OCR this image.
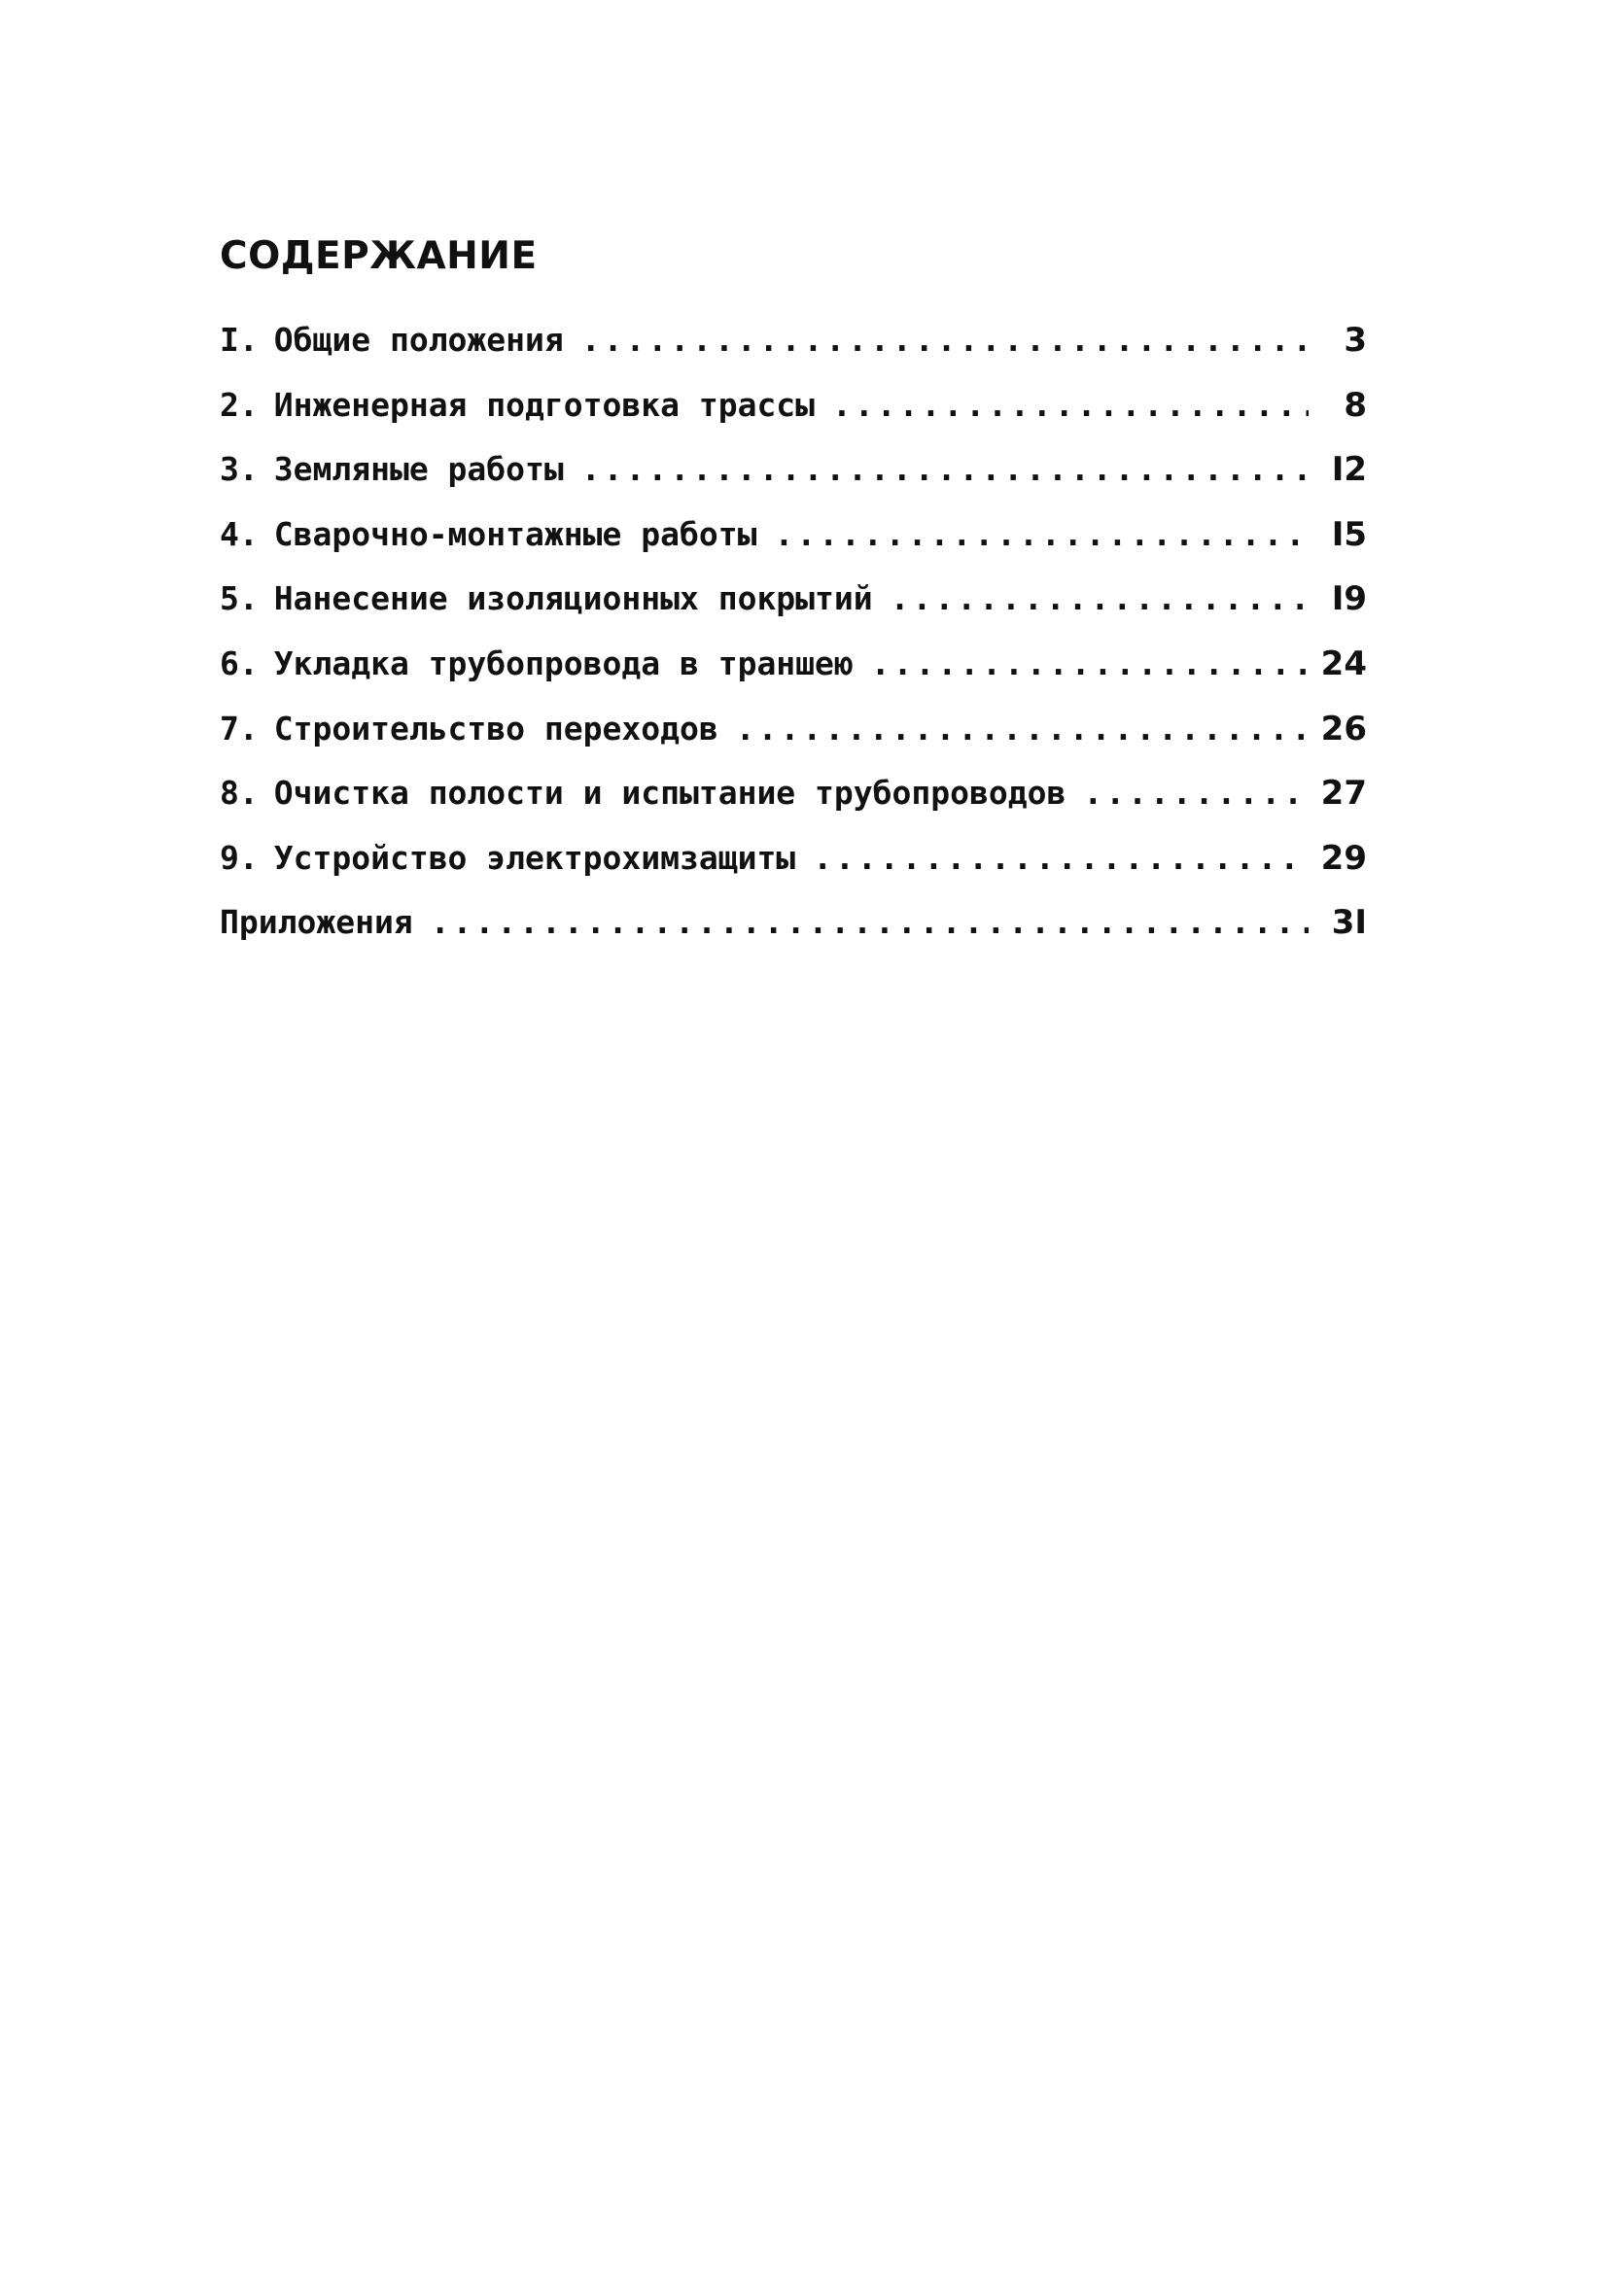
СОДЕРЖАНИЕ
I. Общие положения .....	3
2. Инженерная подготовка трассы .....	8
3. Земляные работы .....	I2
4. Сварочно-монтажные работы .....	I5
5. Нанесение изоляционных покрытий .....	I9
6. Укладка трубопровода в траншею .....	24
7. Строительство переходов .....	26
8. Очистка полости и испытание трубопроводов .....	27
9. Устройство электрохимзащиты .....	29
Приложения .....	3I
